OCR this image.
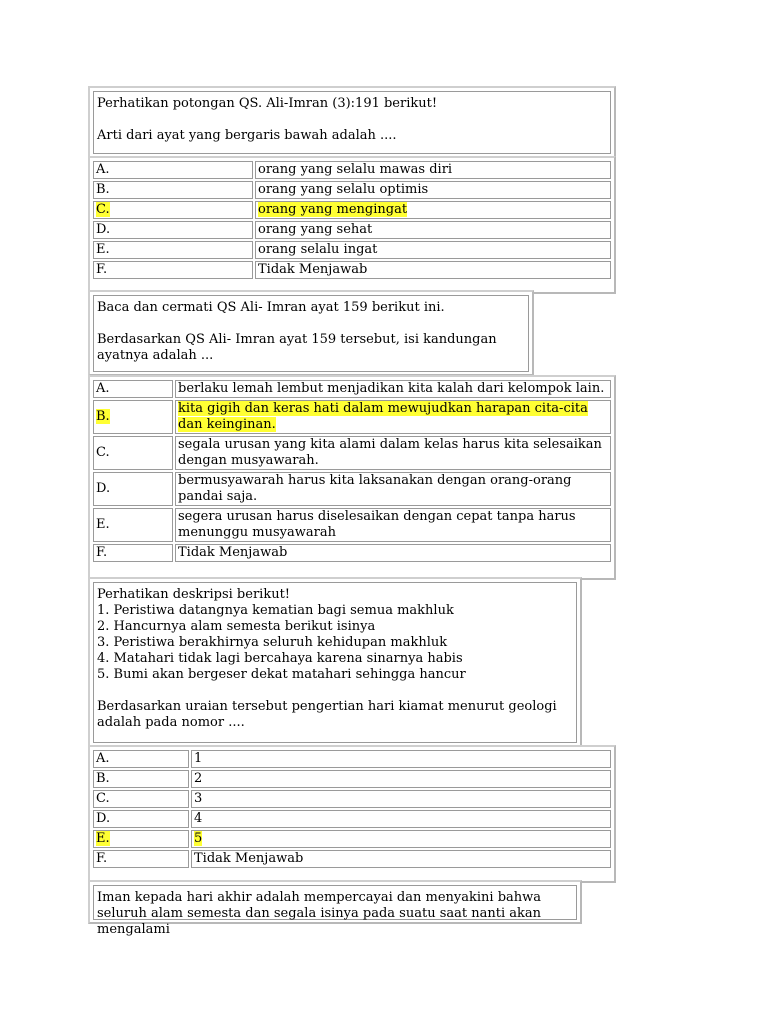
Perhatikan potongan QS. Ali-Imran (3):191 berikut!

Arti dari ayat yang bergaris bawah adalah ....

A.	orang yang selalu mawas diri
B.	orang yang selalu optimis
C.	orang yang mengingat
D.	orang yang sehat
E.	orang selalu ingat
F.	Tidak Menjawab

Baca dan cermati QS Ali- Imran ayat 159 berikut ini.

Berdasarkan QS Ali- Imran ayat 159 tersebut, isi kandungan ayatnya adalah ...

A.	berlaku lemah lembut menjadikan kita kalah dari kelompok lain.
B.	kita gigih dan keras hati dalam mewujudkan harapan cita-cita dan keinginan.
C.	segala urusan yang kita alami dalam kelas harus kita selesaikan dengan musyawarah.
D.	bermusyawarah harus kita laksanakan dengan orang-orang pandai saja.
E.	segera urusan harus diselesaikan dengan cepat tanpa harus menunggu musyawarah
F.	Tidak Menjawab

Perhatikan deskripsi berikut!
1. Peristiwa datangnya kematian bagi semua makhluk
2. Hancurnya alam semesta berikut isinya
3. Peristiwa berakhirnya seluruh kehidupan makhluk
4. Matahari tidak lagi bercahaya karena sinarnya habis
5. Bumi akan bergeser dekat matahari sehingga hancur

Berdasarkan uraian tersebut pengertian hari kiamat menurut geologi adalah pada nomor ....

A.	1
B.	2
C.	3
D.	4
E.	5
F.	Tidak Menjawab

Iman kepada hari akhir adalah mempercayai dan menyakini bahwa seluruh alam semesta dan segala isinya pada suatu saat nanti akan mengalami
